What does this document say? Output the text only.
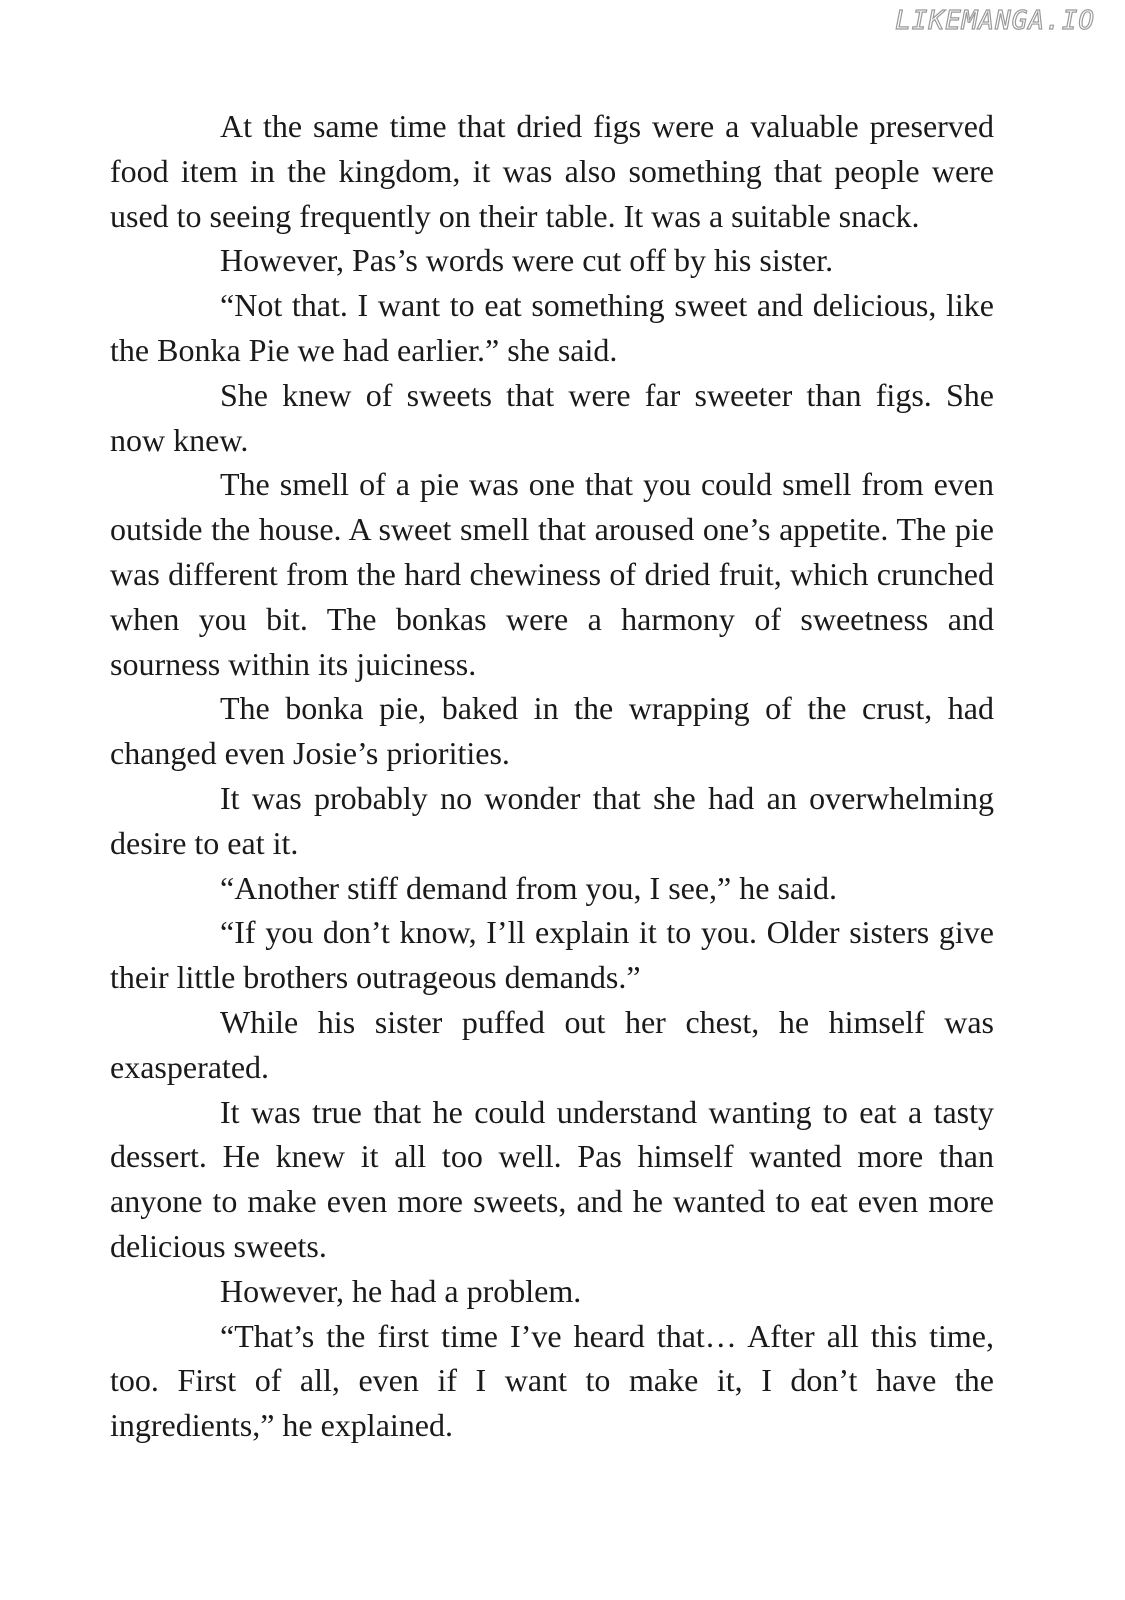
LIKEMANGA.IO

At the same time that dried figs were a valuable preserved food item in the kingdom, it was also something that people were used to seeing frequently on their table. It was a suitable snack.

However, Pas’s words were cut off by his sister.

“Not that. I want to eat something sweet and delicious, like the Bonka Pie we had earlier.” she said.

She knew of sweets that were far sweeter than figs. She now knew.

The smell of a pie was one that you could smell from even outside the house. A sweet smell that aroused one’s appetite. The pie was different from the hard chewiness of dried fruit, which crunched when you bit. The bonkas were a harmony of sweetness and sourness within its juiciness.

The bonka pie, baked in the wrapping of the crust, had changed even Josie’s priorities.

It was probably no wonder that she had an overwhelming desire to eat it.

“Another stiff demand from you, I see,” he said.

“If you don’t know, I’ll explain it to you. Older sisters give their little brothers outrageous demands.”

While his sister puffed out her chest, he himself was exasperated.

It was true that he could understand wanting to eat a tasty dessert. He knew it all too well. Pas himself wanted more than anyone to make even more sweets, and he wanted to eat even more delicious sweets.

However, he had a problem.

“That’s the first time I’ve heard that… After all this time, too. First of all, even if I want to make it, I don’t have the ingredients,” he explained.
